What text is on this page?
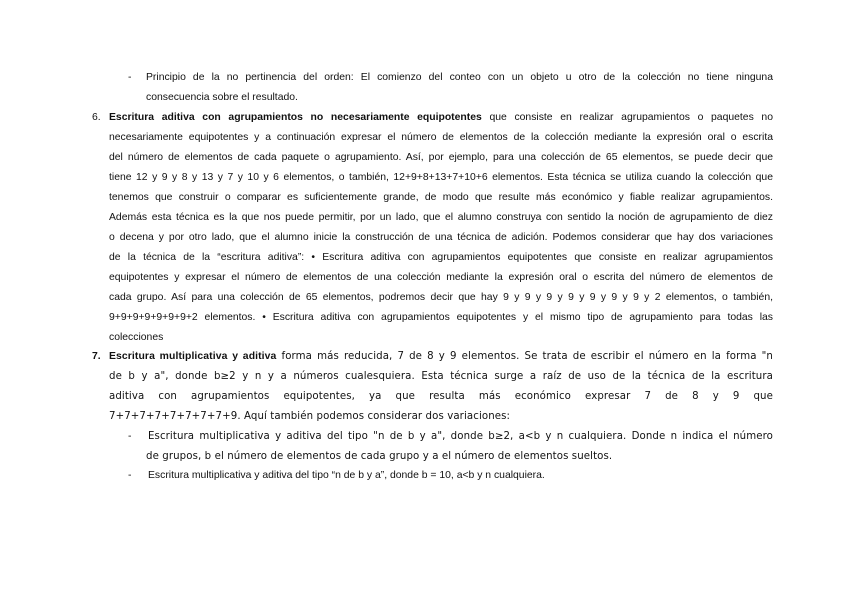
- Principio de la no pertinencia del orden: El comienzo del conteo con un objeto u otro de la colección no tiene ninguna
consecuencia sobre el resultado.
6. Escritura aditiva con agrupamientos no necesariamente equipotentes que consiste en realizar agrupamientos o paquetes no
necesariamente equipotentes y a continuación expresar el número de elementos de la colección mediante la expresión oral o escrita
del número de elementos de cada paquete o agrupamiento. Así, por ejemplo, para una colección de 65 elementos, se puede decir que
tiene 12 y 9 y 8 y 13 y 7 y 10 y 6 elementos, o también, 12+9+8+13+7+10+6 elementos. Esta técnica se utiliza cuando la colección que
tenemos que construir o comparar es suficientemente grande, de modo que resulte más económico y fiable realizar agrupamientos.
Además esta técnica es la que nos puede permitir, por un lado, que el alumno construya con sentido la noción de agrupamiento de diez
o decena y por otro lado, que el alumno inicie la construcción de una técnica de adición. Podemos considerar que hay dos variaciones
de la técnica de la “escritura aditiva”: • Escritura aditiva con agrupamientos equipotentes que consiste en realizar agrupamientos
equipotentes y expresar el número de elementos de una colección mediante la expresión oral o escrita del número de elementos de
cada grupo. Así para una colección de 65 elementos, podremos decir que hay 9 y 9 y 9 y 9 y 9 y 9 y 9 y 2 elementos, o también,
9+9+9+9+9+9+9+2 elementos. • Escritura aditiva con agrupamientos equipotentes y el mismo tipo de agrupamiento para todas las
colecciones
7. Escritura multiplicativa y aditiva forma más reducida, 7 de 8 y 9 elementos. Se trata de escribir el número en la forma "n
de b y a", donde b≥2 y n y a números cualesquiera. Esta técnica surge a raíz de uso de la técnica de la escritura
aditiva con agrupamientos equipotentes, ya que resulta más económico expresar 7 de 8 y 9 que
7+7+7+7+7+7+7+7+9. Aquí también podemos considerar dos variaciones:
- Escritura multiplicativa y aditiva del tipo "n de b y a", donde b≥2, a<b y n cualquiera. Donde n indica el número
de grupos, b el número de elementos de cada grupo y a el número de elementos sueltos.
- Escritura multiplicativa y aditiva del tipo “n de b y a”, donde b = 10, a<b y n cualquiera.
